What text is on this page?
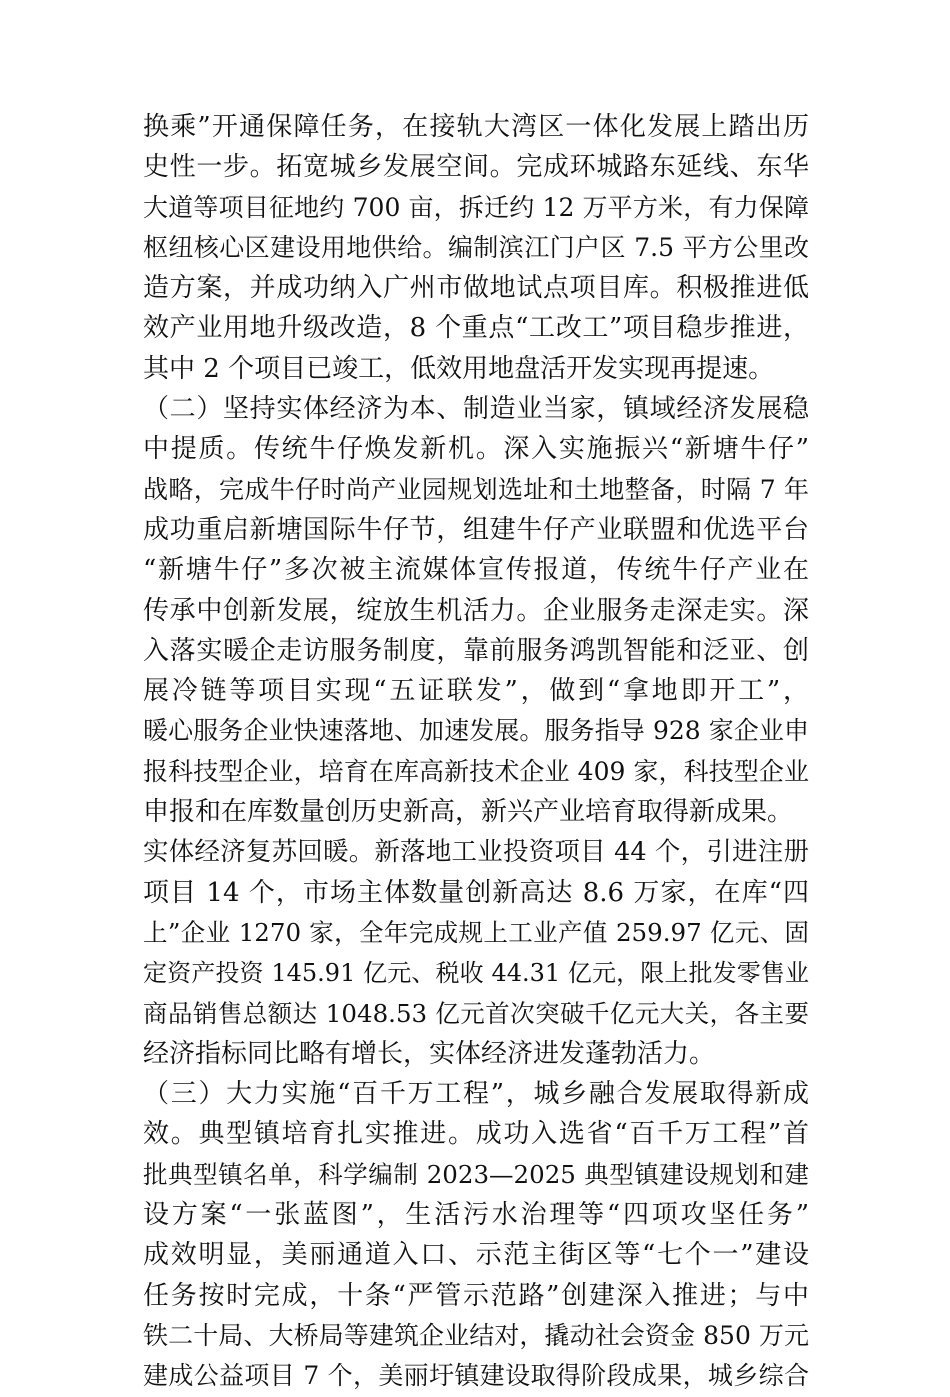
换乘”开通保障任务，在接轨大湾区一体化发展上踏出历
史性一步。拓宽城乡发展空间。完成环城路东延线、东华
大道等项目征地约 700 亩，拆迁约 12 万平方米，有力保障
枢纽核心区建设用地供给。编制滨江门户区 7.5 平方公里改
造方案，并成功纳入广州市做地试点项目库。积极推进低
效产业用地升级改造，8 个重点“工改工”项目稳步推进，
其中 2 个项目已竣工，低效用地盘活开发实现再提速。
（二）坚持实体经济为本、制造业当家，镇域经济发展稳
中提质。传统牛仔焕发新机。深入实施振兴“新塘牛仔”
战略，完成牛仔时尚产业园规划选址和土地整备，时隔 7 年
成功重启新塘国际牛仔节，组建牛仔产业联盟和优选平台
“新塘牛仔”多次被主流媒体宣传报道，传统牛仔产业在
传承中创新发展，绽放生机活力。企业服务走深走实。深
入落实暖企走访服务制度，靠前服务鸿凯智能和泛亚、创
展冷链等项目实现“五证联发”，做到“拿地即开工”，
暖心服务企业快速落地、加速发展。服务指导 928 家企业申
报科技型企业，培育在库高新技术企业 409 家，科技型企业
申报和在库数量创历史新高，新兴产业培育取得新成果。
实体经济复苏回暖。新落地工业投资项目 44 个，引进注册
项目 14 个，市场主体数量创新高达 8.6 万家，在库“四
上”企业 1270 家，全年完成规上工业产值 259.97 亿元、固
定资产投资 145.91 亿元、税收 44.31 亿元，限上批发零售业
商品销售总额达 1048.53 亿元首次突破千亿元大关，各主要
经济指标同比略有增长，实体经济进发蓬勃活力。
（三）大力实施“百千万工程”，城乡融合发展取得新成
效。典型镇培育扎实推进。成功入选省“百千万工程”首
批典型镇名单，科学编制 2023—2025 典型镇建设规划和建
设方案“一张蓝图”，生活污水治理等“四项攻坚任务”
成效明显，美丽通道入口、示范主街区等“七个一”建设
任务按时完成，十条“严管示范路”创建深入推进；与中
铁二十局、大桥局等建筑企业结对，撬动社会资金 850 万元
建成公益项目 7 个，美丽圩镇建设取得阶段成果，城乡综合
